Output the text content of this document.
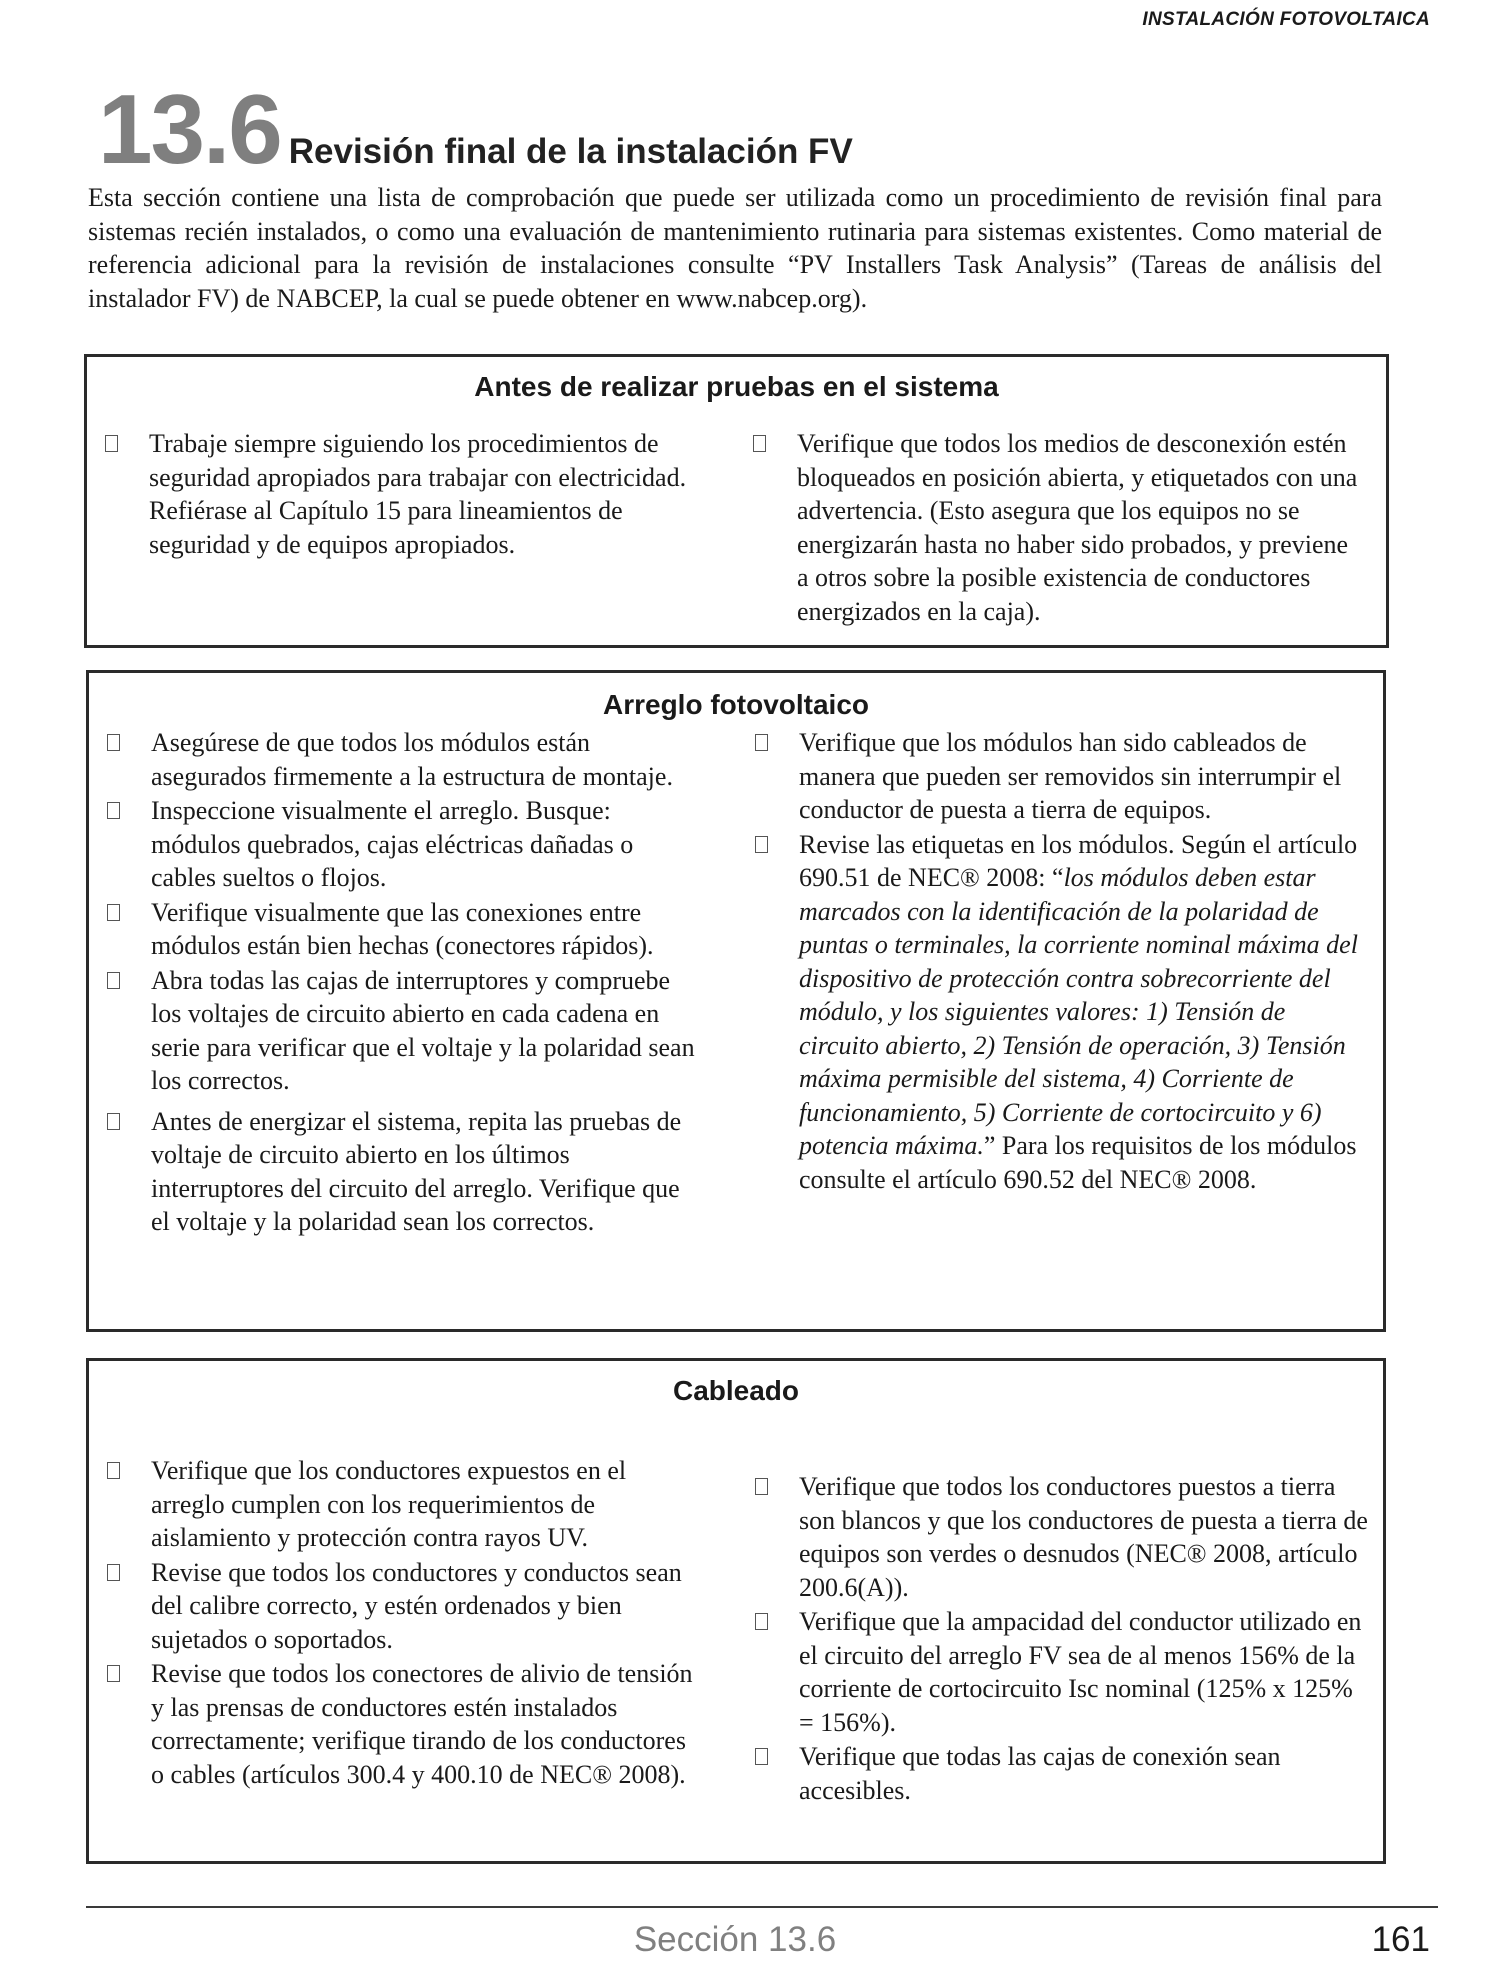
INSTALACIÓN FOTOVOLTAICA
13.6 Revisión final de la instalación FV

Esta sección contiene una lista de comprobación que puede ser utilizada como un procedimiento de revisión final para sistemas recién instalados, o como una evaluación de mantenimiento rutinaria para sistemas existentes. Como material de referencia adicional para la revisión de instalaciones consulte “PV Installers Task Analysis” (Tareas de análisis del instalador FV) de NABCEP, la cual se puede obtener en www.nabcep.org).

Antes de realizar pruebas en el sistema
Trabaje siempre siguiendo los procedimientos de seguridad apropiados para trabajar con electricidad. Refiérase al Capítulo 15 para lineamientos de seguridad y de equipos apropiados.
Verifique que todos los medios de desconexión estén bloqueados en posición abierta, y etiquetados con una advertencia. (Esto asegura que los equipos no se energizarán hasta no haber sido probados, y previene a otros sobre la posible existencia de conductores energizados en la caja).
Arreglo fotovoltaico
Asegúrese de que todos los módulos están asegurados firmemente a la estructura de montaje.
Inspeccione visualmente el arreglo. Busque: módulos quebrados, cajas eléctricas dañadas o cables sueltos o flojos.
Verifique visualmente que las conexiones entre módulos están bien hechas (conectores rápidos).
Abra todas las cajas de interruptores y compruebe los voltajes de circuito abierto en cada cadena en serie para verificar que el voltaje y la polaridad sean los correctos.
Antes de energizar el sistema, repita las pruebas de voltaje de circuito abierto en los últimos interruptores del circuito del arreglo. Verifique que el voltaje y la polaridad sean los correctos.
Verifique que los módulos han sido cableados de manera que pueden ser removidos sin interrumpir el conductor de puesta a tierra de equipos.
Revise las etiquetas en los módulos. Según el artículo 690.51 de NEC® 2008: “los módulos deben estar marcados con la identificación de la polaridad de puntas o terminales, la corriente nominal máxima del dispositivo de protección contra sobrecorriente del módulo, y los siguientes valores: 1) Tensión de circuito abierto, 2) Tensión de operación, 3) Tensión máxima permisible del sistema, 4) Corriente de funcionamiento, 5) Corriente de cortocircuito y 6) potencia máxima.” Para los requisitos de los módulos consulte el artículo 690.52 del NEC® 2008.
Cableado
Verifique que los conductores expuestos en el arreglo cumplen con los requerimientos de aislamiento y protección contra rayos UV.
Revise que todos los conductores y conductos sean del calibre correcto, y estén ordenados y bien sujetados o soportados.
Revise que todos los conectores de alivio de tensión y las prensas de conductores estén instalados correctamente; verifique tirando de los conductores o cables (artículos 300.4 y 400.10 de NEC® 2008).
Verifique que todos los conductores puestos a tierra son blancos y que los conductores de puesta a tierra de equipos son verdes o desnudos (NEC® 2008, artículo 200.6(A)).
Verifique que la ampacidad del conductor utilizado en el circuito del arreglo FV sea de al menos 156% de la corriente de cortocircuito Isc nominal (125% x 125% = 156%).
Verifique que todas las cajas de conexión sean accesibles.
Sección 13.6	161
